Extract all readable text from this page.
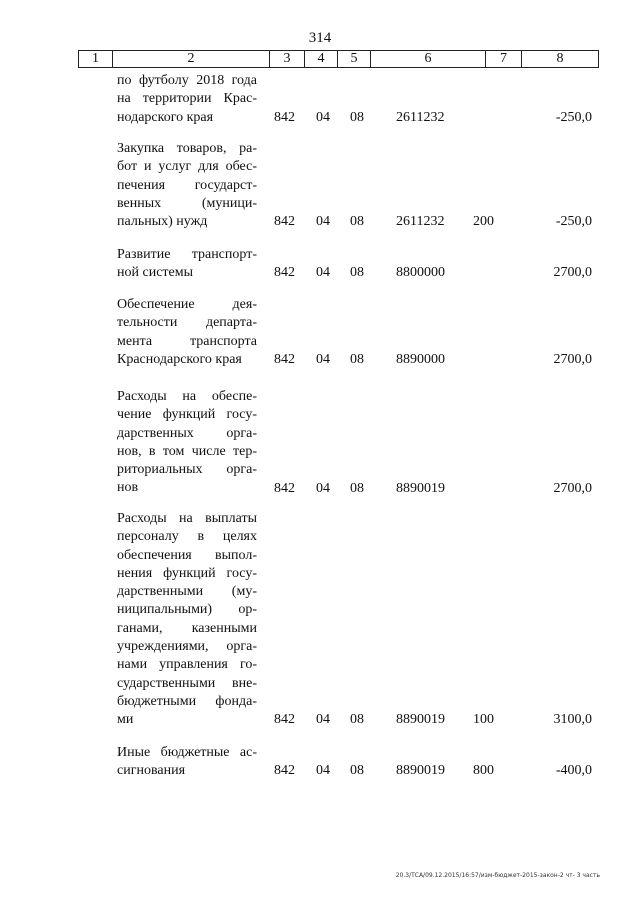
314
1	2	3	4	5	6	7	8
по футболу 2018 года
на территории Крас-
нодарского края	842 04 08 2611232	-250,0
Закупка товаров, ра-
бот и услуг для обес-
печения государст-
венных (муници-
пальных) нужд	842 04 08 2611232 200	-250,0
Развитие транспорт-
ной системы	842 04 08 8800000	2700,0
Обеспечение дея-
тельности департа-
мента транспорта
Краснодарского края	842 04 08 8890000	2700,0
Расходы на обеспе-
чение функций госу-
дарственных орга-
нов, в том числе тер-
риториальных орга-
нов	842 04 08 8890019	2700,0
Расходы на выплаты
персоналу в целях
обеспечения выпол-
нения функций госу-
дарственными (му-
ниципальными) ор-
ганами, казенными
учреждениями, орга-
нами управления го-
сударственными вне-
бюджетными фонда-
ми	842 04 08 8890019 100	3100,0
Иные бюджетные ас-
сигнования	842 04 08 8890019 800	-400,0
20.3/ТСА/09.12.2015/16:57/изм-бюджет-2015-закон-2 чт- 3 часть
